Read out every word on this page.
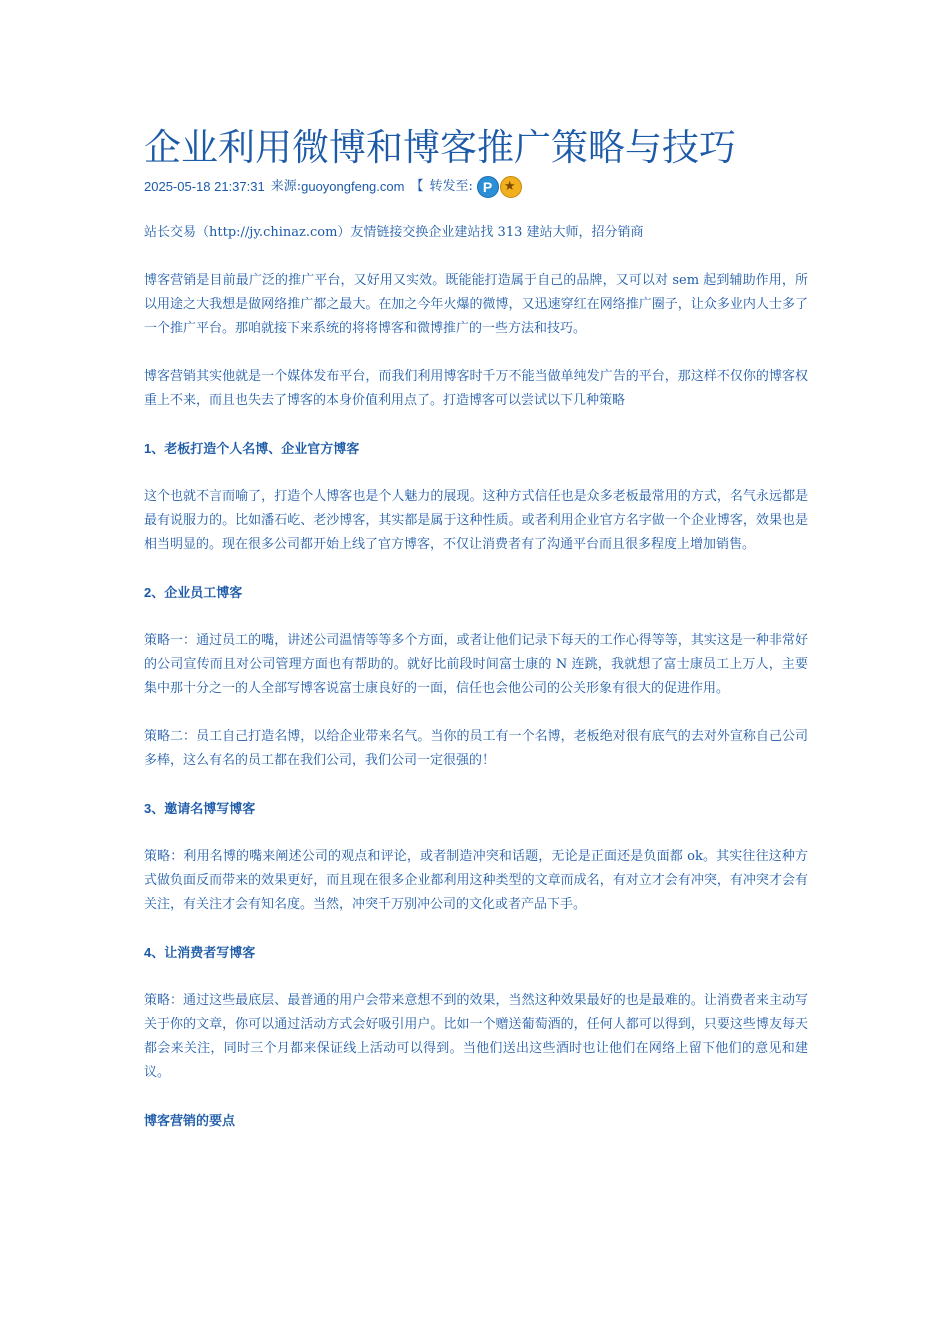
企业利用微博和博客推广策略与技巧
2025-05-18 21:37:31 来源: guoyongfeng.com 【 转发至:
P
★

站长交易（http://jy.chinaz.com）友情链接交换企业建站找 313 建站大师，招分销商

博客营销是目前最广泛的推广平台，又好用又实效。既能能打造属于自己的品牌，又可以对 sem 起到辅助作用，所以用途之大我想是做网络推广都之最大。在加之今年火爆的微博，又迅速穿红在网络推广圈子，让众多业内人士多了一个推广平台。那咱就接下来系统的将将博客和微博推广的一些方法和技巧。

博客营销其实他就是一个媒体发布平台，而我们利用博客时千万不能当做单纯发广告的平台，那这样不仅你的博客权重上不来，而且也失去了博客的本身价值利用点了。打造博客可以尝试以下几种策略

1、老板打造个人名博、企业官方博客

这个也就不言而喻了，打造个人博客也是个人魅力的展现。这种方式信任也是众多老板最常用的方式，名气永远都是最有说服力的。比如潘石屹、老沙博客，其实都是属于这种性质。或者利用企业官方名字做一个企业博客，效果也是相当明显的。现在很多公司都开始上线了官方博客，不仅让消费者有了沟通平台而且很多程度上增加销售。

2、企业员工博客

策略一：通过员工的嘴，讲述公司温情等等多个方面，或者让他们记录下每天的工作心得等等，其实这是一种非常好的公司宣传而且对公司管理方面也有帮助的。就好比前段时间富士康的 N 连跳，我就想了富士康员工上万人，主要集中那十分之一的人全部写博客说富士康良好的一面，信任也会他公司的公关形象有很大的促进作用。

策略二：员工自己打造名博，以给企业带来名气。当你的员工有一个名博，老板绝对很有底气的去对外宣称自己公司多棒，这么有名的员工都在我们公司，我们公司一定很强的！

3、邀请名博写博客

策略：利用名博的嘴来阐述公司的观点和评论，或者制造冲突和话题，无论是正面还是负面都 ok。其实往往这种方式做负面反而带来的效果更好，而且现在很多企业都利用这种类型的文章而成名，有对立才会有冲突，有冲突才会有关注，有关注才会有知名度。当然，冲突千万别冲公司的文化或者产品下手。

4、让消费者写博客

策略：通过这些最底层、最普通的用户会带来意想不到的效果，当然这种效果最好的也是最难的。让消费者来主动写关于你的文章，你可以通过活动方式会好吸引用户。比如一个赠送葡萄酒的，任何人都可以得到，只要这些博友每天都会来关注，同时三个月都来保证线上活动可以得到。当他们送出这些酒时也让他们在网络上留下他们的意见和建议。

博客营销的要点
